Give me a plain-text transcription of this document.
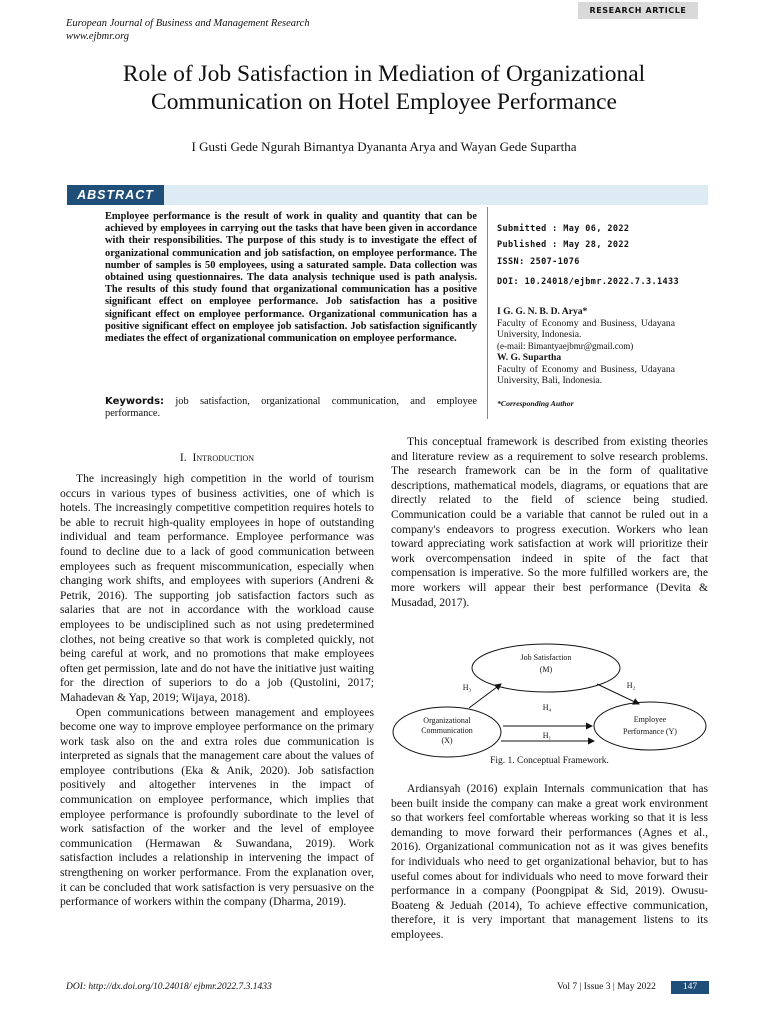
European Journal of Business and Management Research
www.ejbmr.org
RESEARCH ARTICLE
Role of Job Satisfaction in Mediation of Organizational
Communication on Hotel Employee Performance
I Gusti Gede Ngurah Bimantya Dyananta Arya and Wayan Gede Supartha
ABSTRACT
Employee performance is the result of work in quality and quantity that can be achieved by employees in carrying out the tasks that have been given in accordance with their responsibilities. The purpose of this study is to investigate the effect of organizational communication and job satisfaction, on employee performance. The number of samples is 50 employees, using a saturated sample. Data collection was obtained using questionnaires. The data analysis technique used is path analysis. The results of this study found that organizational communication has a positive significant effect on employee performance. Job satisfaction has a positive significant effect on employee performance. Organizational communication has a positive significant effect on employee job satisfaction. Job satisfaction significantly mediates the effect of organizational communication on employee performance.
Keywords: job satisfaction, organizational communication, and employee performance.
Submitted : May 06, 2022
Published : May 28, 2022
ISSN: 2507-1076
DOI: 10.24018/ejbmr.2022.7.3.1433
I G. G. N. B. D. Arya*
Faculty of Economy and Business, Udayana University, Indonesia.
(e-mail: Bimantyaejbmr@gmail.com)
W. G. Supartha
Faculty of Economy and Business, Udayana University, Bali, Indonesia.
*Corresponding Author
I. Introduction

The increasingly high competition in the world of tourism occurs in various types of business activities, one of which is hotels. The increasingly competitive competition requires hotels to be able to recruit high-quality employees in hope of outstanding individual and team performance. Employee performance was found to decline due to a lack of good communication between employees such as frequent miscommunication, especially when changing work shifts, and employees with superiors (Andreni & Petrik, 2016). The supporting job satisfaction factors such as salaries that are not in accordance with the workload cause employees to be undisciplined such as not using predetermined clothes, not being creative so that work is completed quickly, not being careful at work, and no promotions that make employees often get permission, late and do not have the initiative just waiting for the direction of superiors to do a job (Qustolini, 2017; Mahadevan & Yap, 2019; Wijaya, 2018).

Open communications between management and employees become one way to improve employee performance on the primary work task also on the and extra roles due communication is interpreted as signals that the management care about the values of employee contributions (Eka & Anik, 2020). Job satisfaction positively and altogether intervenes in the impact of communication on employee performance, which implies that employee performance is profoundly subordinate to the level of work satisfaction of the worker and the level of employee communication (Hermawan & Suwandana, 2019). Work satisfaction includes a relationship in intervening the impact of strengthening on worker performance. From the explanation over, it can be concluded that work satisfaction is very persuasive on the performance of workers within the company (Dharma, 2019).

This conceptual framework is described from existing theories and literature review as a requirement to solve research problems. The research framework can be in the form of qualitative descriptions, mathematical models, diagrams, or equations that are directly related to the field of science being studied. Communication could be a variable that cannot be ruled out in a company's endeavors to progress execution. Workers who lean toward appreciating work satisfaction at work will prioritize their work overcompensation indeed in spite of the fact that compensation is imperative. So the more fulfilled workers are, the more workers will appear their best performance (Devita & Musadad, 2017).

Job Satisfaction
(M)
Organizational
Communication
(X)
Employee
Performance (Y)
H₃	H₂
H₄
H₁
Fig. 1. Conceptual Framework.

Ardiansyah (2016) explain Internals communication that has been built inside the company can make a great work environment so that workers feel comfortable whereas working so that it is less demanding to move forward their performances (Agnes et al., 2016). Organizational communication not as it was gives benefits for individuals who need to get organizational behavior, but to has useful comes about for individuals who need to move forward their performance in a company (Poongpipat & Sid, 2019). Owusu-Boateng & Jeduah (2014), To achieve effective communication, therefore, it is very important that management listens to its employees.

DOI: http://dx.doi.org/10.24018/ ejbmr.2022.7.3.1433	Vol 7 | Issue 3 | May 2022	147
